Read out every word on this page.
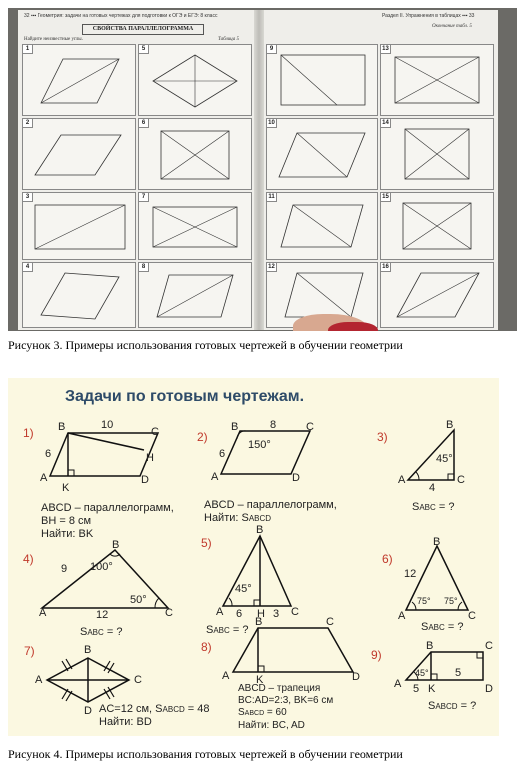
32 ▪▪▪ Геометрия: задачи на готовых чертежах для подготовки к ОГЭ и ЕГЭ: 8 класс
СВОЙСТВА ПАРАЛЛЕЛОГРАММА
Найдите неизвестные углы.	Таблица 5
1	5
2	6
3	7
4	8
Раздел II. Упражнения в таблицах ▪▪▪ 33
Окончание табл. 5
9	13
10	14
11	15
12	16
Рисунок 3. Примеры использования готовых чертежей в обучении геометрии
Задачи по готовым чертежам.
1) B	C
A	D
K
H
10
6
ABCD – параллелограмм,
BH = 8 см
Найти: BK
2)
B	C
A	D
8
6
150°
ABCD – параллелограмм,
Найти: SABCD
3)
B
A	C
45°
4
SABC = ?
4)
B
A	C
9
12
100°
50°
SABC = ?
5)
B
A	H C
6	3
45°
SABC = ?
6)
B
A	C
12
75° 75°
SABC = ?
7)	B
A	C
D AC=12 см, SABCD = 48
Найти: BD
8)
B	C
A K	D
ABCD – трапеция
BC:AD=2:3, BK=6 см
SABCD = 60
Найти: BC, AD
9)
B	C
A K	D
45°
5
5
SABCD = ?
Рисунок 4. Примеры использования готовых чертежей в обучении геометрии
